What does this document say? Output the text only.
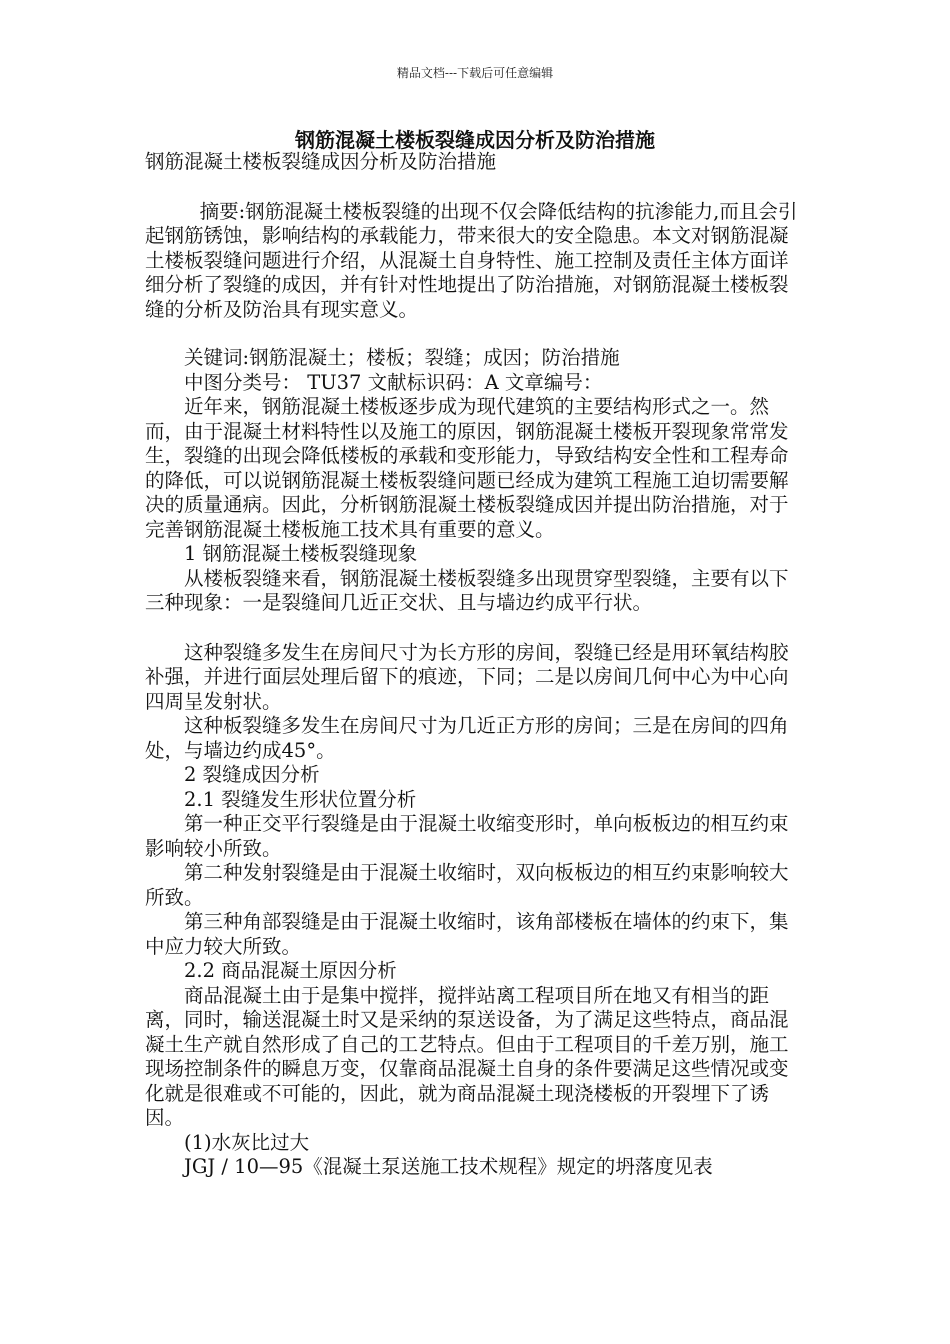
精品文档---下载后可任意编辑
钢筋混凝土楼板裂缝成因分析及防治措施

钢筋混凝土楼板裂缝成因分析及防治措施

摘要:钢筋混凝土楼板裂缝的出现不仅会降低结构的抗渗能力,而且会引起钢筋锈蚀，影响结构的承载能力，带来很大的安全隐患。本文对钢筋混凝土楼板裂缝问题进行介绍，从混凝土自身特性、施工控制及责任主体方面详细分析了裂缝的成因，并有针对性地提出了防治措施，对钢筋混凝土楼板裂缝的分析及防治具有现实意义。

关键词:钢筋混凝土；楼板；裂缝；成因；防治措施

中图分类号： TU37 文献标识码：A 文章编号：

近年来，钢筋混凝土楼板逐步成为现代建筑的主要结构形式之一。然而，由于混凝土材料特性以及施工的原因，钢筋混凝土楼板开裂现象常常发生，裂缝的出现会降低楼板的承载和变形能力，导致结构安全性和工程寿命的降低，可以说钢筋混凝土楼板裂缝问题已经成为建筑工程施工迫切需要解决的质量通病。因此，分析钢筋混凝土楼板裂缝成因并提出防治措施，对于完善钢筋混凝土楼板施工技术具有重要的意义。

1 钢筋混凝土楼板裂缝现象

从楼板裂缝来看，钢筋混凝土楼板裂缝多出现贯穿型裂缝，主要有以下三种现象：一是裂缝间几近正交状、且与墙边约成平行状。

这种裂缝多发生在房间尺寸为长方形的房间，裂缝已经是用环氧结构胶补强，并进行面层处理后留下的痕迹，下同；二是以房间几何中心为中心向四周呈发射状。

这种板裂缝多发生在房间尺寸为几近正方形的房间；三是在房间的四角处，与墙边约成45°。

2 裂缝成因分析

2.1 裂缝发生形状位置分析

第一种正交平行裂缝是由于混凝土收缩变形时，单向板板边的相互约束影响较小所致。

第二种发射裂缝是由于混凝土收缩时，双向板板边的相互约束影响较大所致。

第三种角部裂缝是由于混凝土收缩时，该角部楼板在墙体的约束下，集中应力较大所致。

2.2 商品混凝土原因分析

商品混凝土由于是集中搅拌，搅拌站离工程项目所在地又有相当的距离，同时，输送混凝土时又是采纳的泵送设备，为了满足这些特点，商品混凝土生产就自然形成了自己的工艺特点。但由于工程项目的千差万别，施工现场控制条件的瞬息万变，仅靠商品混凝土自身的条件要满足这些情况或变化就是很难或不可能的，因此，就为商品混凝土现浇楼板的开裂埋下了诱因。

(1)水灰比过大

JGJ / 10—95《混凝土泵送施工技术规程》规定的坍落度见表
